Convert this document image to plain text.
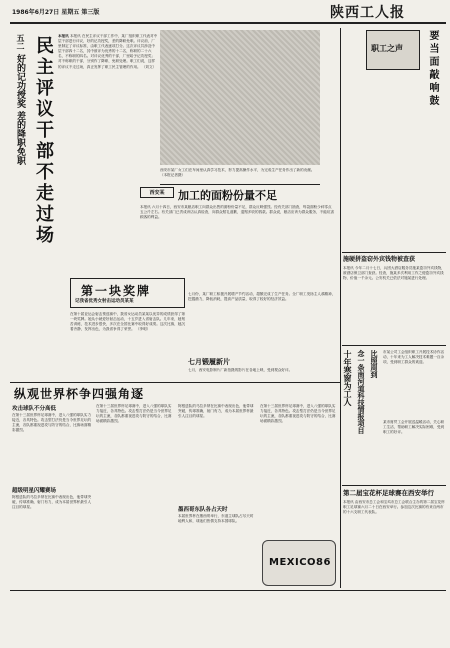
1986年6月27日 星期五 第三版	陕西工人报
五二
好的记功授奖 差的降职免职 民主评议干部不走过场	本报讯 本报讯 在民主评议干部工作中，某厂组织职工代表对中层干部进行评议，好的记功授奖，差的降职免职。评议前，厂里制定了评议标准，由职工代表逐项打分。这次评议共涉及中层干部四十二名，其中被评为优秀的十二名，称职的二十六名，不称职的四名。对评议优秀的干部，厂里给予记功授奖；对不称职的干部，分别作了降职、免职处理。职工们说，这样的评议不走过场，真正发挥了职工民主管理的作用。 （刘文）
西安市某厂女工们在车间里认真学习技术，努力提高操作水平，为完成生产任务作出了新的贡献。 （本报记者摄）
西安某	加工的面粉份量不足
本报讯 六月十四日，西安市某粮店职工向群众出售的面粉份量不足，群众反映强烈。经有关部门抽查，每袋面粉少秤零点五公斤左右。有关部门已责成该店认真检查，向群众赔礼道歉，退赔多收的钱款。群众说，粮店应该为群众服务，不能坑害顾客的利益。
职工之声 要当面敲响鼓
施硬拼盗窃外宾钱物被查获
本报讯 今年二月十七日，兵团大酒店服务员施某盗窃外宾钱物，被酒店保卫部门查获。经查，施某多次利用工作之便盗窃外宾钱物，价值一千余元。公安机关已依法对施某进行处理。
十年寒窗为工人 念一条南河道科技情报项目 比照周到 市某公司工会组织职工开展技术协作活动，十年来为工人解决技术难题一百余项，受到职工群众的欢迎。
某市财贸工会开展送温暖活动，关心职工生活，帮助职工解决实际困难，受到职工的好评。
第二届宝花杯足球赛在西安举行
本报讯 由西安市总工会和宝鸡市总工会联合主办的第二届宝花杯职工足球赛六月二十日在西安举行。参加这次比赛的有来自两市的十六支职工代表队。
第一块奖牌
记我省优秀女射击运动员某某
在第十届亚运会射击预选赛中，我省女运动员某某以优异的成绩获得了第一块奖牌。她从小就爱好射击运动，十五岁进入省射击队。几年来，她刻苦训练，技术进步很快，多次在全国比赛中取得好成绩。这次比赛，她沉着冷静，发挥出色，为我省争得了荣誉。 （李明）
七月份，某厂职工积极开展增产节约活动，超额完成了生产任务。全厂职工发扬主人翁精神，挖掘潜力，降低消耗，提高产品质量，取得了较好的经济效益。
七月锻履新片
七月，西安电影制片厂新拍摄的影片在各地上映，受到观众好评。
纵观世界杯争四强角逐
攻击球队不分高低
在第十三届世界杯足球赛中，进入八强的球队实力接近，各具特色。攻击型打法仍是当今世界足坛的主流，各队都重视进攻与防守的结合，比赛场面精彩激烈。
超级明星闪耀赛场
阿根廷队的马拉多纳在比赛中表现出色，他带球突破，传球准确，射门有力，成为本届世界杯最引人注目的球星。
在第十三届世界杯足球赛中，进入八强的球队实力接近，各具特色。攻击型打法仍是当今世界足坛的主流，各队都重视进攻与防守的结合，比赛场面精彩激烈。
阿根廷队的马拉多纳在比赛中表现出色，他带球突破，传球准确，射门有力，成为本届世界杯最引人注目的球星。
墨西哥东队各占天时
本届世界杯在墨西哥举行，东道主球队占尽天时地利人和，球迷们热情支持本国球队。
在第十三届世界杯足球赛中，进入八强的球队实力接近，各具特色。攻击型打法仍是当今世界足坛的主流，各队都重视进攻与防守的结合，比赛场面精彩激烈。
MEXICO86
